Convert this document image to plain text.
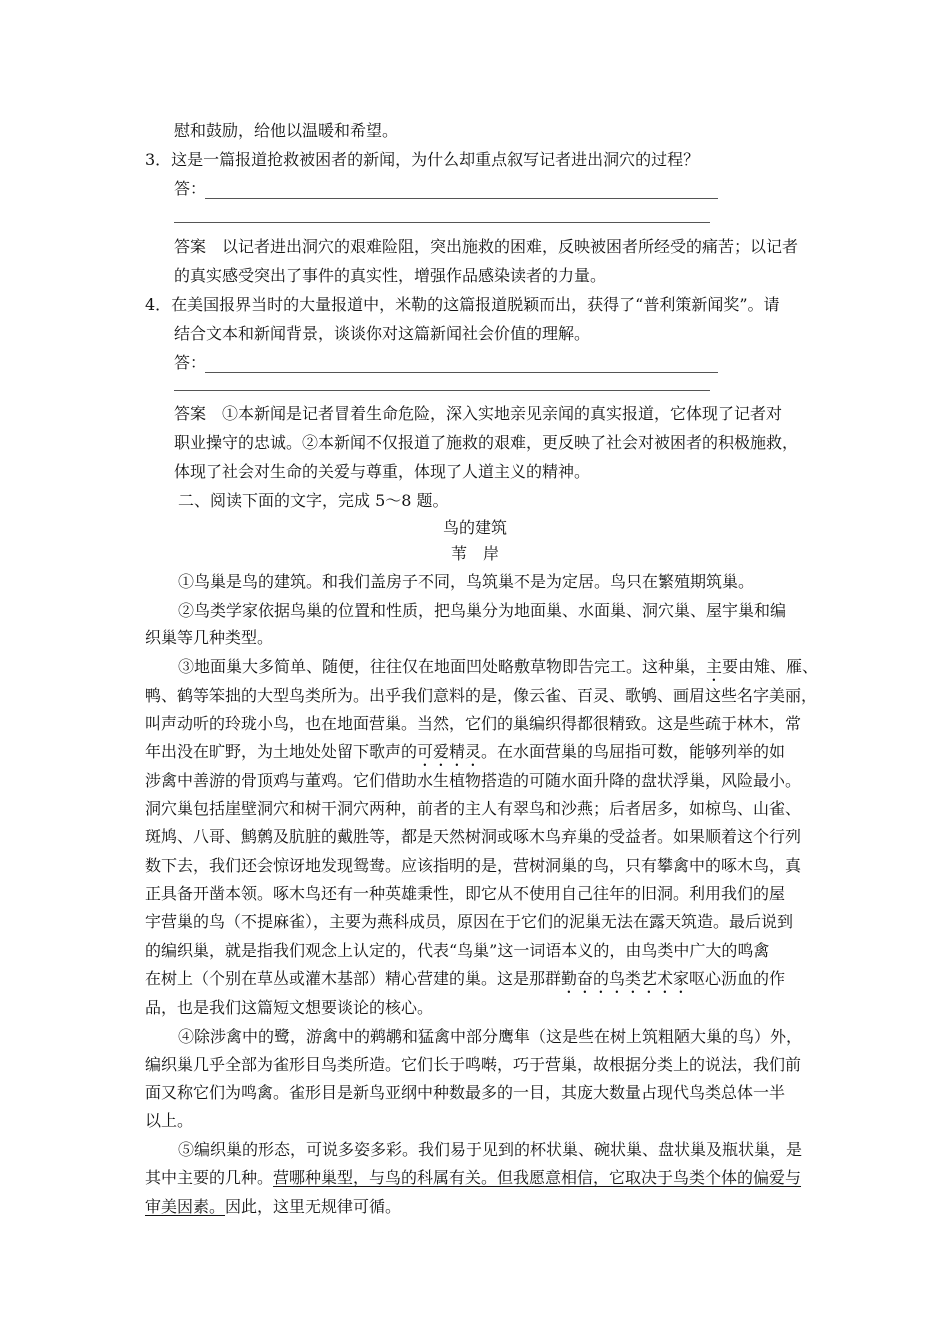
慰和鼓励，给他以温暖和希望。
3．这是一篇报道抢救被困者的新闻，为什么却重点叙写记者进出洞穴的过程？
答：
答案　以记者进出洞穴的艰难险阻，突出施救的困难，反映被困者所经受的痛苦；以记者
的真实感受突出了事件的真实性，增强作品感染读者的力量。
4．在美国报界当时的大量报道中，米勒的这篇报道脱颖而出，获得了“普利策新闻奖”。请
结合文本和新闻背景，谈谈你对这篇新闻社会价值的理解。
答：
答案　①本新闻是记者冒着生命危险，深入实地亲见亲闻的真实报道，它体现了记者对
职业操守的忠诚。②本新闻不仅报道了施救的艰难，更反映了社会对被困者的积极施救，
体现了社会对生命的关爱与尊重，体现了人道主义的精神。
二、阅读下面的文字，完成 5～8 题。
鸟的建筑
苇　岸
①鸟巢是鸟的建筑。和我们盖房子不同，鸟筑巢不是为定居。鸟只在繁殖期筑巢。
②鸟类学家依据鸟巢的位置和性质，把鸟巢分为地面巢、水面巢、洞穴巢、屋宇巢和编
织巢等几种类型。
③地面巢大多简单、随便，往往仅在地面凹处略敷草物即告完工。这种巢，主要由雉、雁、
鸭、鹤等笨拙的大型鸟类所为。出乎我们意料的是，像云雀、百灵、歌鸲、画眉这些名字美丽，
叫声动听的玲珑小鸟，也在地面营巢。当然，它们的巢编织得都很精致。这是些疏于林木，常
年出没在旷野，为土地处处留下歌声的可爱精灵。在水面营巢的鸟屈指可数，能够列举的如
涉禽中善游的骨顶鸡与董鸡。它们借助水生植物搭造的可随水面升降的盘状浮巢，风险最小。
洞穴巢包括崖壁洞穴和树干洞穴两种，前者的主人有翠鸟和沙燕；后者居多，如椋鸟、山雀、
斑鸠、八哥、鹪鹩及肮脏的戴胜等，都是天然树洞或啄木鸟弃巢的受益者。如果顺着这个行列
数下去，我们还会惊讶地发现鸳鸯。应该指明的是，营树洞巢的鸟，只有攀禽中的啄木鸟，真
正具备开凿本领。啄木鸟还有一种英雄秉性，即它从不使用自己往年的旧洞。利用我们的屋
宇营巢的鸟（不提麻雀），主要为燕科成员，原因在于它们的泥巢无法在露天筑造。最后说到
的编织巢，就是指我们观念上认定的，代表“鸟巢”这一词语本义的，由鸟类中广大的鸣禽
在树上（个别在草丛或灌木基部）精心营建的巢。这是那群勤奋的鸟类艺术家呕心沥血的作
品，也是我们这篇短文想要谈论的核心。
④除涉禽中的鹭，游禽中的鹈鹕和猛禽中部分鹰隼（这是些在树上筑粗陋大巢的鸟）外，
编织巢几乎全部为雀形目鸟类所造。它们长于鸣啭，巧于营巢，故根据分类上的说法，我们前
面又称它们为鸣禽。雀形目是新鸟亚纲中种数最多的一目，其庞大数量占现代鸟类总体一半
以上。
⑤编织巢的形态，可说多姿多彩。我们易于见到的杯状巢、碗状巢、盘状巢及瓶状巢，是
其中主要的几种。营哪种巢型，与鸟的科属有关。但我愿意相信，它取决于鸟类个体的偏爱与
审美因素。因此，这里无规律可循。
